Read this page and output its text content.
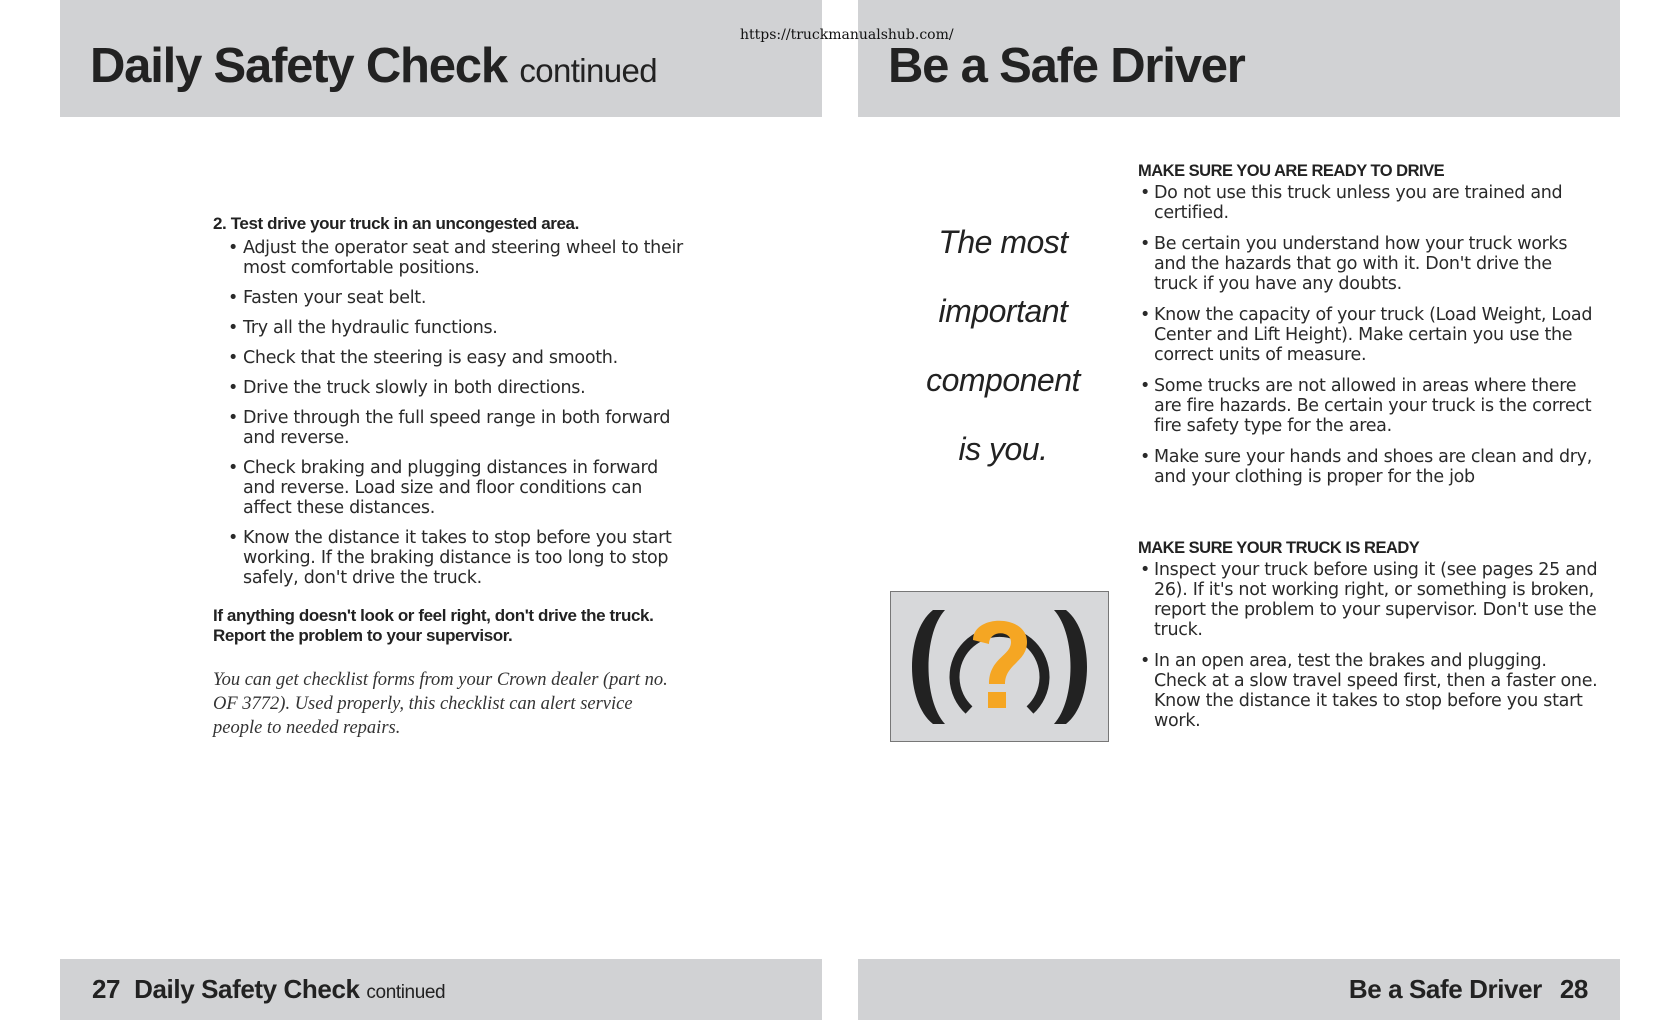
Daily Safety Check continued	Be a Safe Driver
https://truckmanualshub.com/

2. Test drive your truck in an uncongested area.

• Adjust the operator seat and steering wheel to their most comfortable positions.
• Fasten your seat belt.
• Try all the hydraulic functions.
• Check that the steering is easy and smooth.
• Drive the truck slowly in both directions.
• Drive through the full speed range in both forward and reverse.
• Check braking and plugging distances in forward and reverse. Load size and floor conditions can affect these distances.
• Know the distance it takes to stop before you start working. If the braking distance is too long to stop safely, don't drive the truck.

If anything doesn't look or feel right, don't drive the truck. Report the problem to your supervisor.

You can get checklist forms from your Crown dealer (part no. OF 3772). Used properly, this checklist can alert service people to needed repairs.

The most
important
component
is you.

MAKE SURE YOU ARE READY TO DRIVE

• Do not use this truck unless you are trained and certified.
• Be certain you understand how your truck works and the hazards that go with it. Don't drive the truck if you have any doubts.
• Know the capacity of your truck (Load Weight, Load Center and Lift Height). Make certain you use the correct units of measure.
• Some trucks are not allowed in areas where there are fire hazards. Be certain your truck is the correct fire safety type for the area.
• Make sure your hands and shoes are clean and dry, and your clothing is proper for the job

MAKE SURE YOUR TRUCK IS READY

• Inspect your truck before using it (see pages 25 and 26). If it's not working right, or something is broken, report the problem to your supervisor. Don't use the truck.
• In an open area, test the brakes and plugging. Check at a slow travel speed first, then a faster one. Know the distance it takes to stop before you start work.

27 Daily Safety Check continued	Be a Safe Driver 28
